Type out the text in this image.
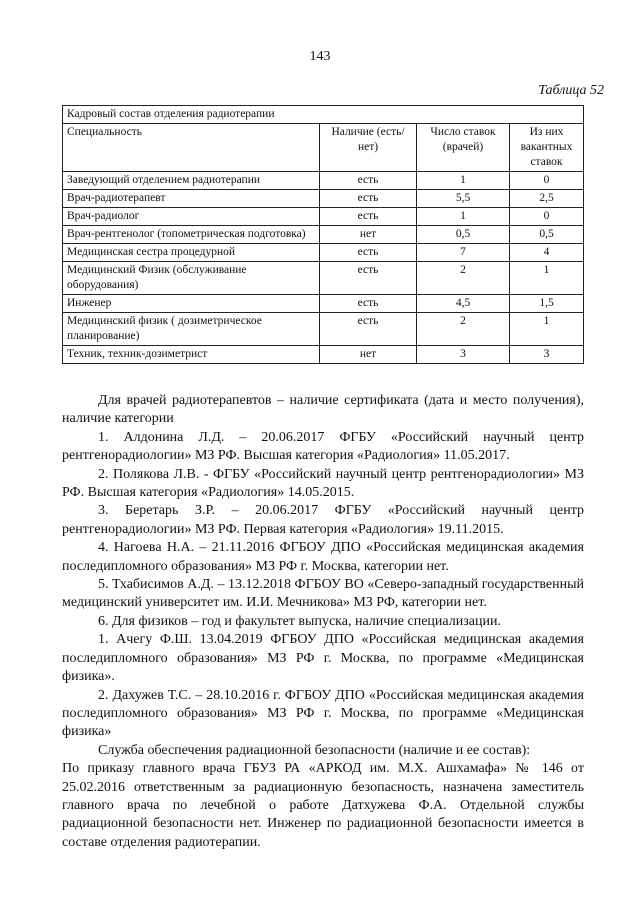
143
Таблица 52
Кадровый состав отделения радиотерапии			
Специальность	Наличие (есть/нет)	Число ставок (врачей)	Из них вакантных ставок
Заведующий отделением радиотерапии	есть	1	0
Врач-радиотерапевт	есть	5,5	2,5
Врач-радиолог	есть	1	0
Врач-рентгенолог (топометрическая подготовка)	нет	0,5	0,5
Медицинская сестра процедурной	есть	7	4
Медицинский Физик (обслуживание оборудования)	есть	2	1
Инженер	есть	4,5	1,5
Медицинский физик ( дозиметрическое планирование)	есть	2	1
Техник, техник-дозиметрист	нет	3	3

Для врачей радиотерапевтов – наличие сертификата (дата и место получения), наличие категории

1. Алдонина Л.Д. – 20.06.2017 ФГБУ «Российский научный центр рентгенорадиологии» МЗ РФ. Высшая категория «Радиология» 11.05.2017.

2. Полякова Л.В. - ФГБУ «Российский научный центр рентгенорадиологии» МЗ РФ. Высшая категория «Радиология» 14.05.2015.

3. Беретарь З.Р. – 20.06.2017 ФГБУ «Российский научный центр рентгенорадиологии» МЗ РФ. Первая категория «Радиология» 19.11.2015.

4. Нагоева Н.А. – 21.11.2016 ФГБОУ ДПО «Российская медицинская академия последипломного образования» МЗ РФ г. Москва, категории нет.

5. Тхабисимов А.Д. – 13.12.2018 ФГБОУ ВО «Северо-западный государственный медицинский университет им. И.И. Мечникова» МЗ РФ, категории нет.

6. Для физиков – год и факультет выпуска, наличие специализации.

1. Ачегу Ф.Ш. 13.04.2019 ФГБОУ ДПО «Российская медицинская академия последипломного образования» МЗ РФ г. Москва, по программе «Медицинская физика».

2. Дахужев Т.С. – 28.10.2016 г. ФГБОУ ДПО «Российская медицинская академия последипломного образования» МЗ РФ г. Москва, по программе «Медицинская физика»

Служба обеспечения радиационной безопасности (наличие и ее состав):

По приказу главного врача ГБУЗ РА «АРКОД им. М.Х. Ашхамафа» № 146 от 25.02.2016 ответственным за радиационную безопасность, назначена заместитель главного врача по лечебной о работе Датхужева Ф.А. Отдельной службы радиационной безопасности нет. Инженер по радиационной безопасности имеется в составе отделения радиотерапии.
